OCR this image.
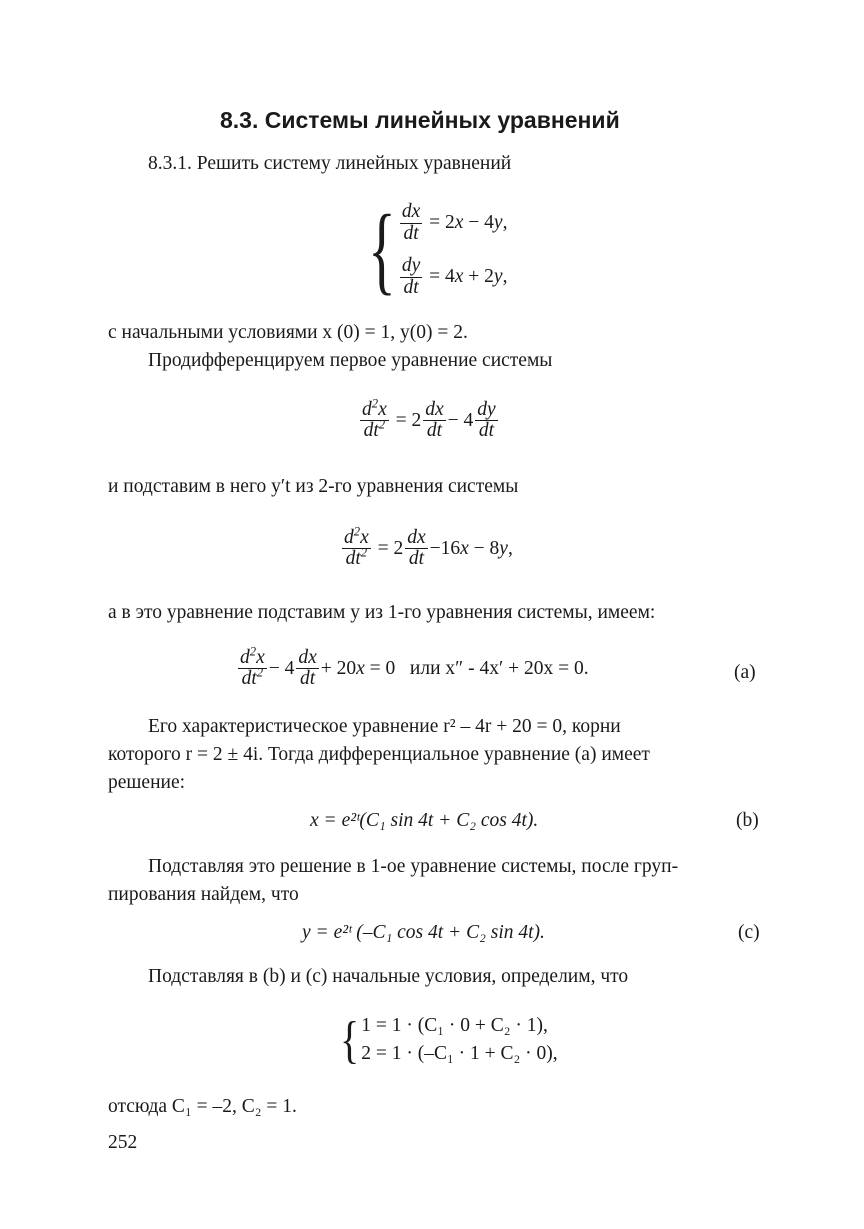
8.3. Системы линейных уравнений
8.3.1. Решить систему линейных уравнений
{ $\frac{dx}{dt} = 2x - 4y$,
$\frac{dy}{dt} = 4x + 2y$,
с начальными условиями x (0) = 1, y(0) = 2.
Продифференцируем первое уравнение системы
$\frac{d^2x}{dt^2} = 2 \frac{dx}{dt} - 4 \frac{dy}{dt}$
и подставим в него y′t из 2-го уравнения системы
$\frac{d^2x}{dt^2} = 2 \frac{dx}{dt} -16x - 8y$,
а в это уравнение подставим у из 1-го уравнения системы, имеем:
$\frac{d^2x}{dt^2} - 4 \frac{dx}{dt} + 20x = 0$ или x″ - 4x′ + 20x = 0.	(a)
Его характеристическое уравнение r² – 4r + 20 = 0, корни
которого r = 2 ± 4i. Тогда дифференциальное уравнение (a) имеет
решение:
x = e²ᵗ(C₁ sin 4t + C₂ cos 4t).	(b)
Подставляя это решение в 1-ое уравнение системы, после груп-
пирования найдем, что
y = e²ᵗ (–C₁ cos 4t + C₂ sin 4t).	(c)
Подставляя в (b) и (c) начальные условия, определим, что
{ 1 = 1 · (C₁ · 0 + C₂ · 1),
2 = 1 · (–C₁ · 1 + C₂ · 0),
отсюда C₁ = –2, C₂ = 1.
252
